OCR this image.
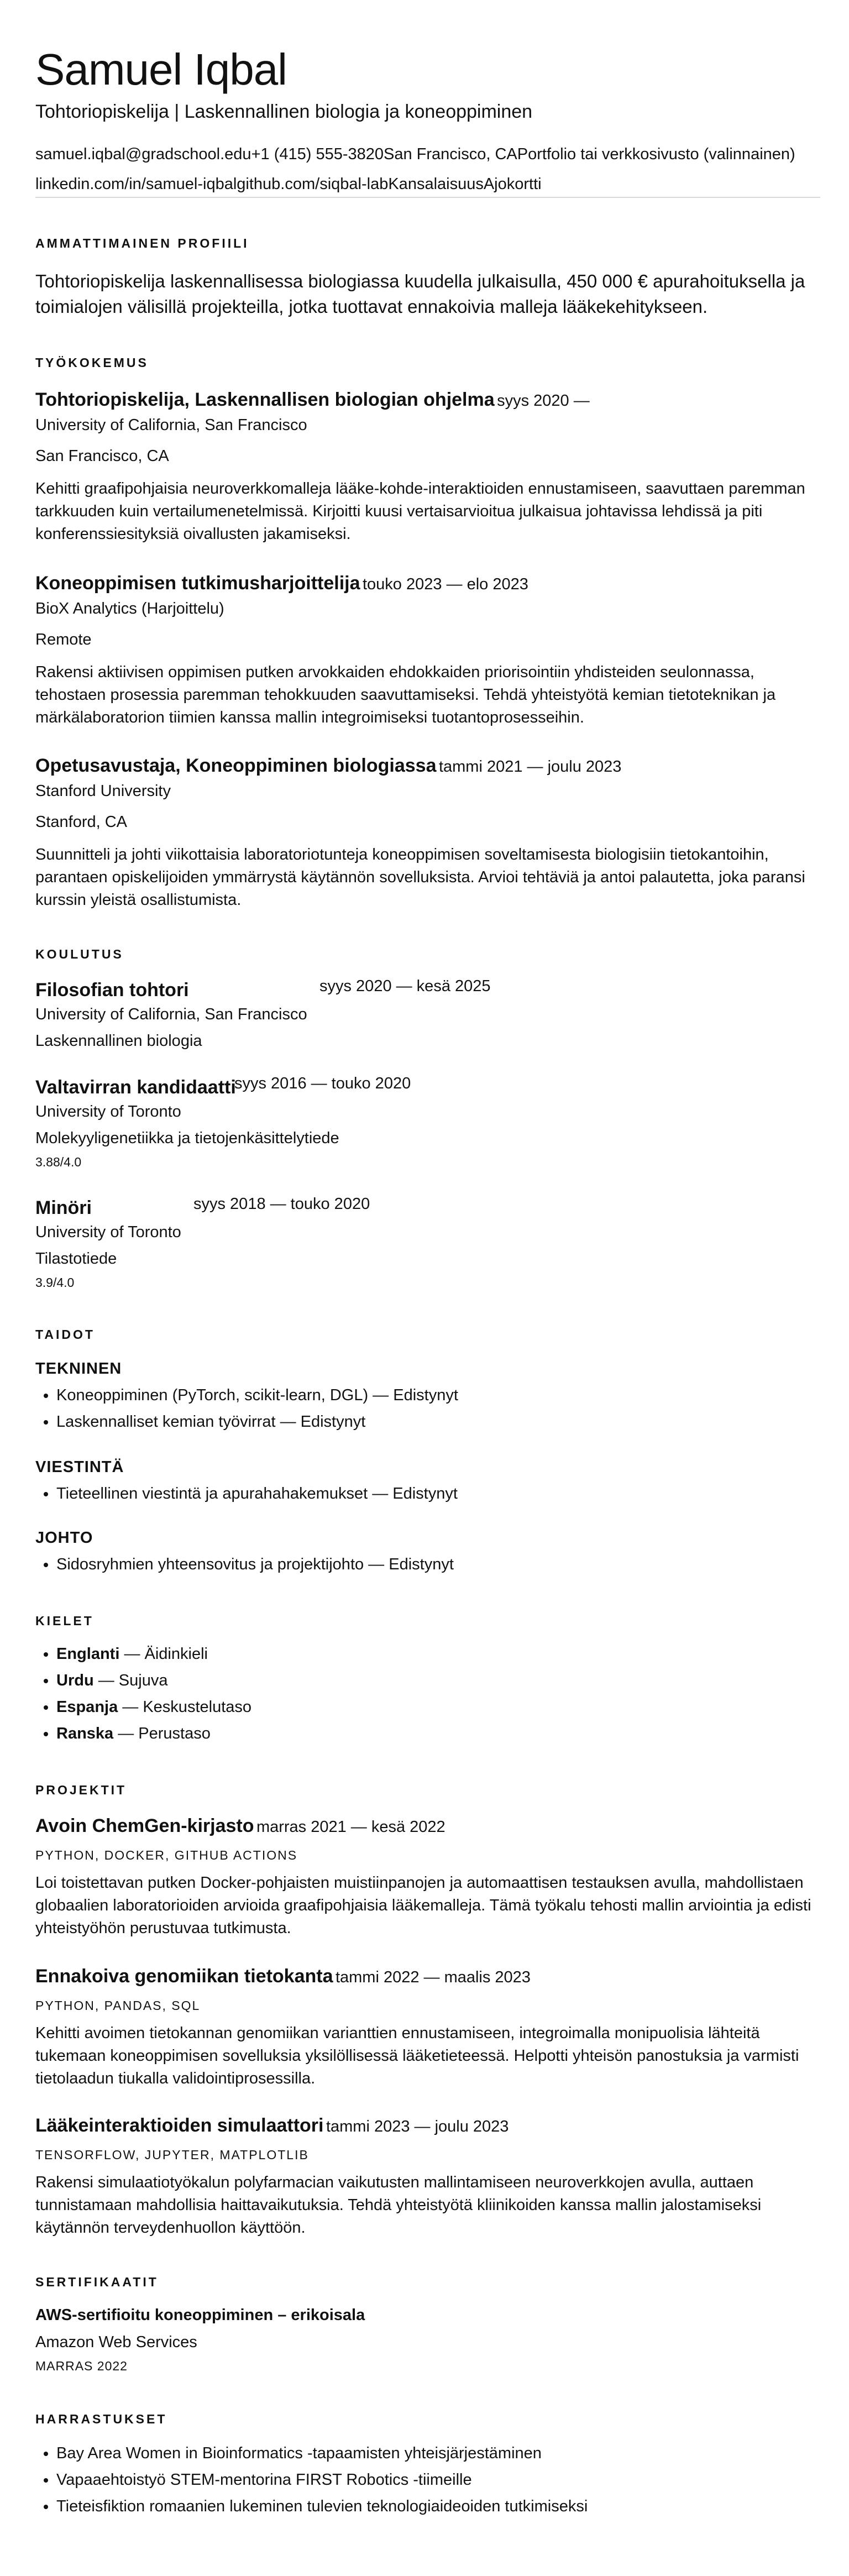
Samuel Iqbal
Tohtoriopiskelija | Laskennallinen biologia ja koneoppiminen
samuel.iqbal@gradschool.edu+1 (415) 555-3820San Francisco, CAPortfolio tai verkkosivusto (valinnainen)
linkedin.com/in/samuel-iqbalgithub.com/siqbal-labKansalaisuusAjokortti
AMMATTIMAINEN PROFIILI
Tohtoriopiskelija laskennallisessa biologiassa kuudella julkaisulla, 450 000 € apurahoituksella ja toimialojen välisillä projekteilla, jotka tuottavat ennakoivia malleja lääkekehitykseen.
TYÖKOKEMUS
Tohtoriopiskelija, Laskennallisen biologian ohjelma syys 2020 —
University of California, San Francisco
San Francisco, CA
Kehitti graafipohjaisia neuroverkkomalleja lääke-kohde-interaktioiden ennustamiseen, saavuttaen paremman tarkkuuden kuin vertailumenetelmissä. Kirjoitti kuusi vertaisarvioitua julkaisua johtavissa lehdissä ja piti konferenssiesityksiä oivallusten jakamiseksi.
Koneoppimisen tutkimusharjoittelija touko 2023 — elo 2023
BioX Analytics (Harjoittelu)
Remote
Rakensi aktiivisen oppimisen putken arvokkaiden ehdokkaiden priorisointiin yhdisteiden seulonnassa, tehostaen prosessia paremman tehokkuuden saavuttamiseksi. Tehdä yhteistyötä kemian tietoteknikan ja märkälaboratorion tiimien kanssa mallin integroimiseksi tuotantoprosesseihin.
Opetusavustaja, Koneoppiminen biologiassa tammi 2021 — joulu 2023
Stanford University
Stanford, CA
Suunnitteli ja johti viikottaisia laboratoriotunteja koneoppimisen soveltamisesta biologisiin tietokantoihin, parantaen opiskelijoiden ymmärrystä käytännön sovelluksista. Arvioi tehtäviä ja antoi palautetta, joka paransi kurssin yleistä osallistumista.
KOULUTUS
Filosofian tohtori	syys 2020 — kesä 2025
University of California, San Francisco
Laskennallinen biologia
Valtavirran kandidaatti
syys 2016 — touko 2020
University of Toronto
Molekyyligenetiikka ja tietojenkäsittelytiede
3.88/4.0
Minöri	syys 2018 — touko 2020
University of Toronto
Tilastotiede
3.9/4.0
TAIDOT
TEKNINEN
• Koneoppiminen (PyTorch, scikit-learn, DGL) — Edistynyt
• Laskennalliset kemian työvirrat — Edistynyt
VIESTINTÄ
• Tieteellinen viestintä ja apurahahakemukset — Edistynyt
JOHTO
• Sidosryhmien yhteensovitus ja projektijohto — Edistynyt
KIELET
• Englanti — Äidinkieli
• Urdu — Sujuva
• Espanja — Keskustelutaso
• Ranska — Perustaso
PROJEKTIT
Avoin ChemGen-kirjasto marras 2021 — kesä 2022
PYTHON, DOCKER, GITHUB ACTIONS
Loi toistettavan putken Docker-pohjaisten muistiinpanojen ja automaattisen testauksen avulla, mahdollistaen globaalien laboratorioiden arvioida graafipohjaisia lääkemalleja. Tämä työkalu tehosti mallin arviointia ja edisti yhteistyöhön perustuvaa tutkimusta.
Ennakoiva genomiikan tietokanta tammi 2022 — maalis 2023
PYTHON, PANDAS, SQL
Kehitti avoimen tietokannan genomiikan varianttien ennustamiseen, integroimalla monipuolisia lähteitä tukemaan koneoppimisen sovelluksia yksilöllisessä lääketieteessä. Helpotti yhteisön panostuksia ja varmisti tietolaadun tiukalla validointiprosessilla.
Lääkeinteraktioiden simulaattori tammi 2023 — joulu 2023
TENSORFLOW, JUPYTER, MATPLOTLIB
Rakensi simulaatiotyökalun polyfarmacian vaikutusten mallintamiseen neuroverkkojen avulla, auttaen tunnistamaan mahdollisia haittavaikutuksia. Tehdä yhteistyötä kliinikoiden kanssa mallin jalostamiseksi käytännön terveydenhuollon käyttöön.
SERTIFIKAATIT
AWS-sertifioitu koneoppiminen – erikoisala
Amazon Web Services
MARRAS 2022
HARRASTUKSET
• Bay Area Women in Bioinformatics -tapaamisten yhteisjärjestäminen
• Vapaaehtoistyö STEM-mentorina FIRST Robotics -tiimeille
• Tieteisfiktion romaanien lukeminen tulevien teknologiaideoiden tutkimiseksi
